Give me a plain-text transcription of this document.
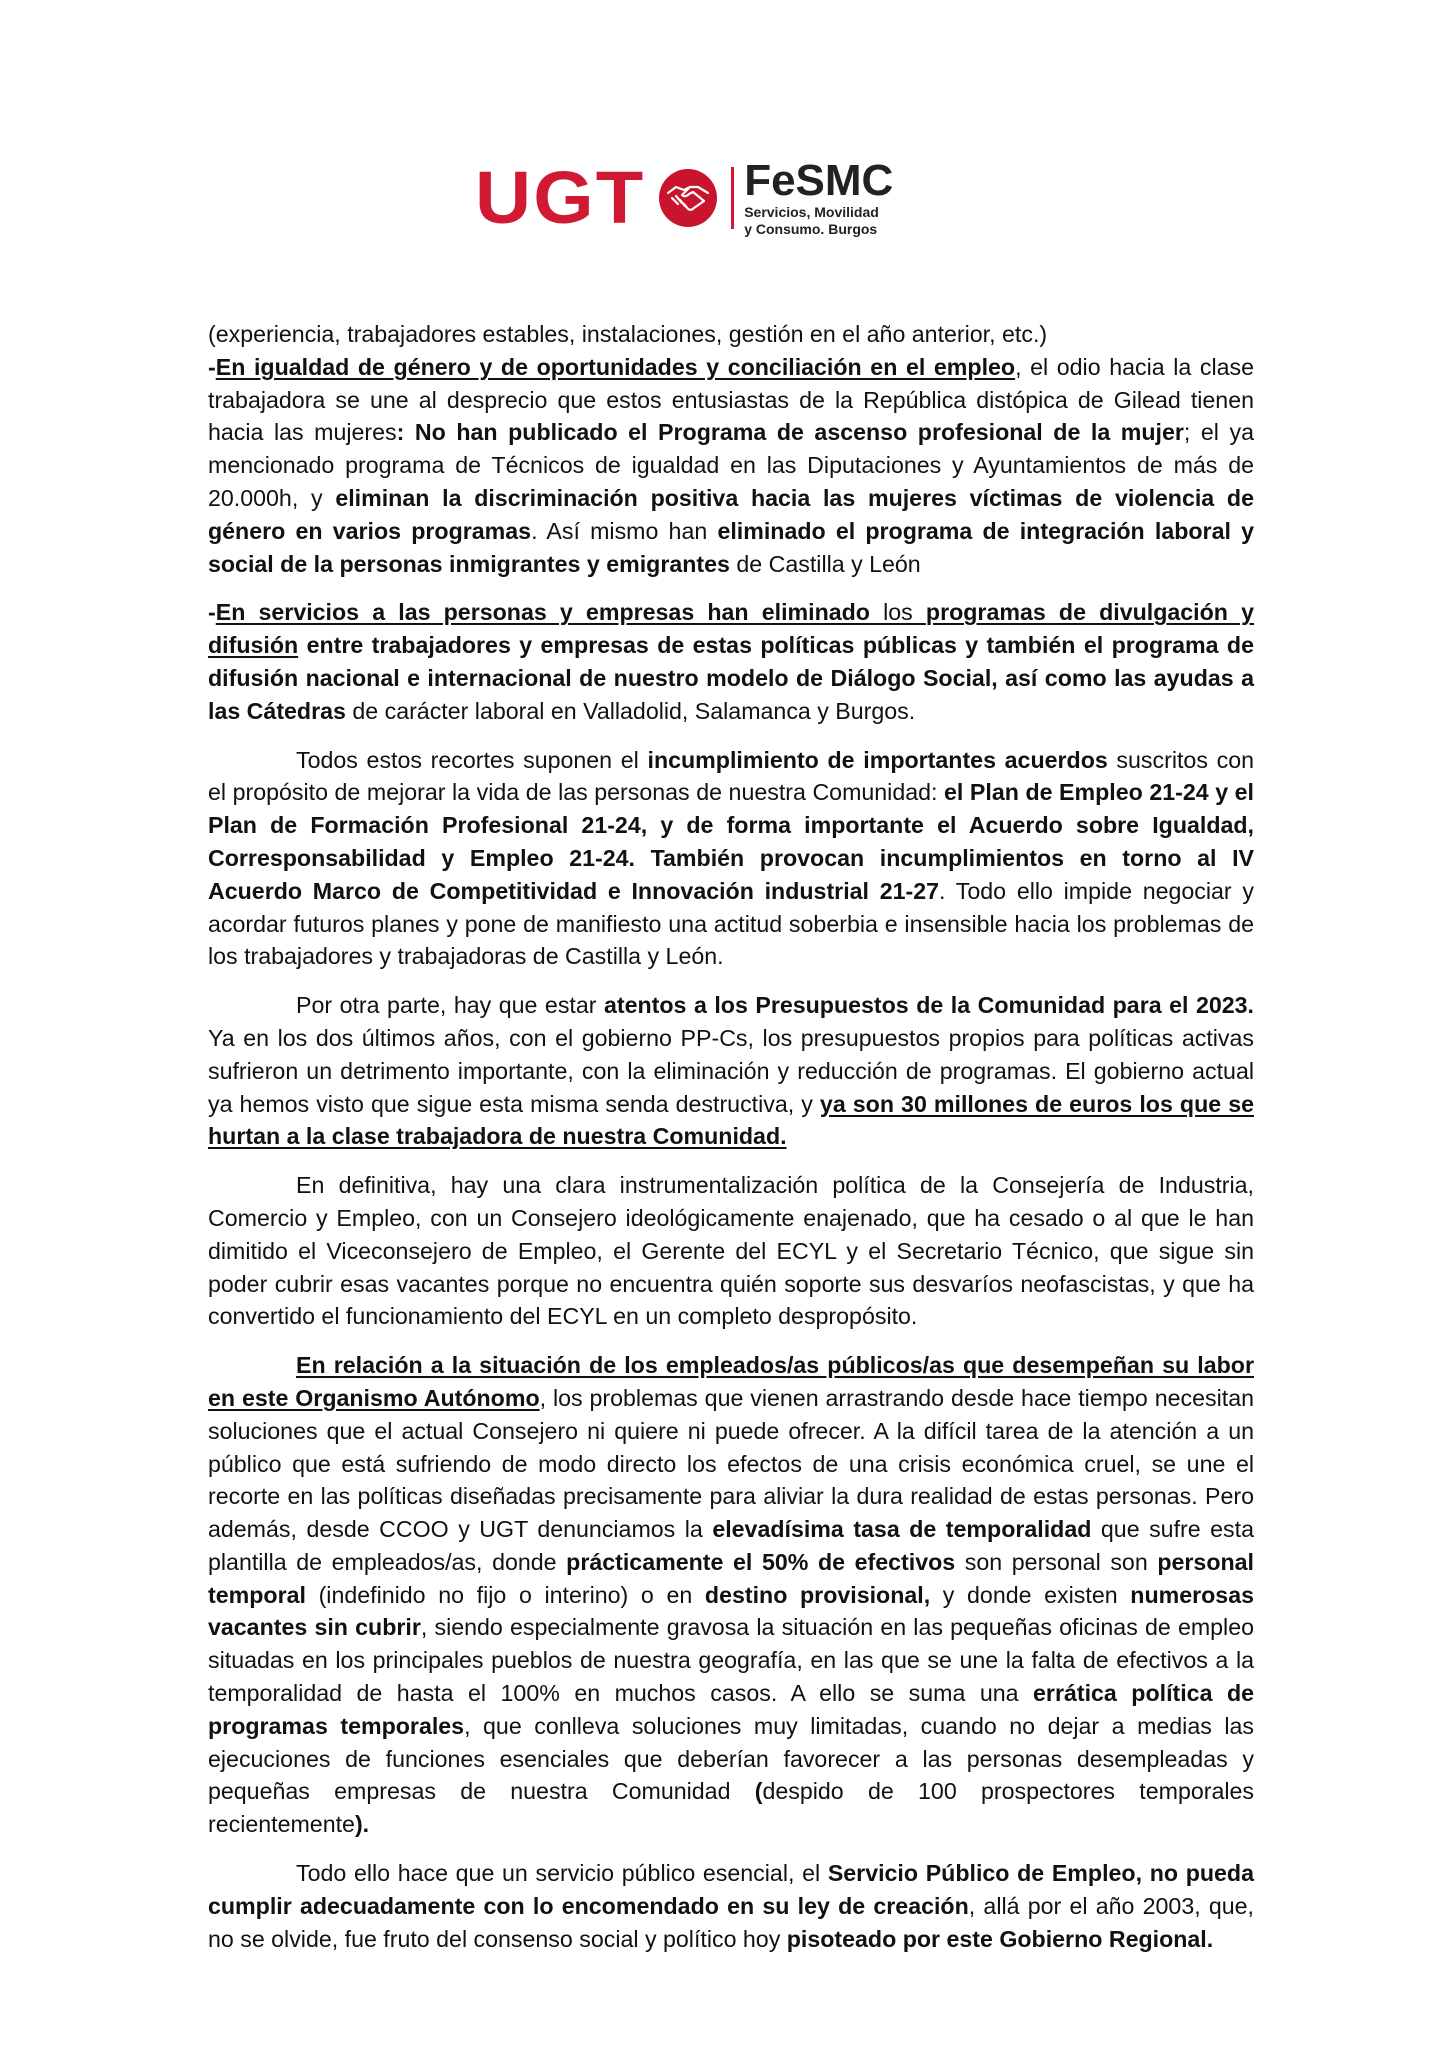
UGT FeSMC
Servicios, Movilidad
y Consumo. Burgos

(experiencia, trabajadores estables, instalaciones, gestión en el año anterior, etc.)

-En igualdad de género y de oportunidades y conciliación en el empleo, el odio hacia la clase trabajadora se une al desprecio que estos entusiastas de la República distópica de Gilead tienen hacia las mujeres: No han publicado el Programa de ascenso profesional de la mujer; el ya mencionado programa de Técnicos de igualdad en las Diputaciones y Ayuntamientos de más de 20.000h, y eliminan la discriminación positiva hacia las mujeres víctimas de violencia de género en varios programas. Así mismo han eliminado el programa de integración laboral y social de la personas inmigrantes y emigrantes de Castilla y León

-En servicios a las personas y empresas han eliminado los programas de divulgación y difusión entre trabajadores y empresas de estas políticas públicas y también el programa de difusión nacional e internacional de nuestro modelo de Diálogo Social, así como las ayudas a las Cátedras de carácter laboral en Valladolid, Salamanca y Burgos.

Todos estos recortes suponen el incumplimiento de importantes acuerdos suscritos con el propósito de mejorar la vida de las personas de nuestra Comunidad: el Plan de Empleo 21-24 y el Plan de Formación Profesional 21-24, y de forma importante el Acuerdo sobre Igualdad, Corresponsabilidad y Empleo 21-24. También provocan incumplimientos en torno al IV Acuerdo Marco de Competitividad e Innovación industrial 21-27. Todo ello impide negociar y acordar futuros planes y pone de manifiesto una actitud soberbia e insensible hacia los problemas de los trabajadores y trabajadoras de Castilla y León.

Por otra parte, hay que estar atentos a los Presupuestos de la Comunidad para el 2023. Ya en los dos últimos años, con el gobierno PP-Cs, los presupuestos propios para políticas activas sufrieron un detrimento importante, con la eliminación y reducción de programas. El gobierno actual ya hemos visto que sigue esta misma senda destructiva, y ya son 30 millones de euros los que se hurtan a la clase trabajadora de nuestra Comunidad.

En definitiva, hay una clara instrumentalización política de la Consejería de Industria, Comercio y Empleo, con un Consejero ideológicamente enajenado, que ha cesado o al que le han dimitido el Viceconsejero de Empleo, el Gerente del ECYL y el Secretario Técnico, que sigue sin poder cubrir esas vacantes porque no encuentra quién soporte sus desvaríos neofascistas, y que ha convertido el funcionamiento del ECYL en un completo despropósito.

En relación a la situación de los empleados/as públicos/as que desempeñan su labor en este Organismo Autónomo, los problemas que vienen arrastrando desde hace tiempo necesitan soluciones que el actual Consejero ni quiere ni puede ofrecer. A la difícil tarea de la atención a un público que está sufriendo de modo directo los efectos de una crisis económica cruel, se une el recorte en las políticas diseñadas precisamente para aliviar la dura realidad de estas personas. Pero además, desde CCOO y UGT denunciamos la elevadísima tasa de temporalidad que sufre esta plantilla de empleados/as, donde prácticamente el 50% de efectivos son personal son personal temporal (indefinido no fijo o interino) o en destino provisional, y donde existen numerosas vacantes sin cubrir, siendo especialmente gravosa la situación en las pequeñas oficinas de empleo situadas en los principales pueblos de nuestra geografía, en las que se une la falta de efectivos a la temporalidad de hasta el 100% en muchos casos. A ello se suma una errática política de programas temporales, que conlleva soluciones muy limitadas, cuando no dejar a medias las ejecuciones de funciones esenciales que deberían favorecer a las personas desempleadas y pequeñas empresas de nuestra Comunidad (despido de 100 prospectores temporales recientemente).

Todo ello hace que un servicio público esencial, el Servicio Público de Empleo, no pueda cumplir adecuadamente con lo encomendado en su ley de creación, allá por el año 2003, que, no se olvide, fue fruto del consenso social y político hoy pisoteado por este Gobierno Regional.
